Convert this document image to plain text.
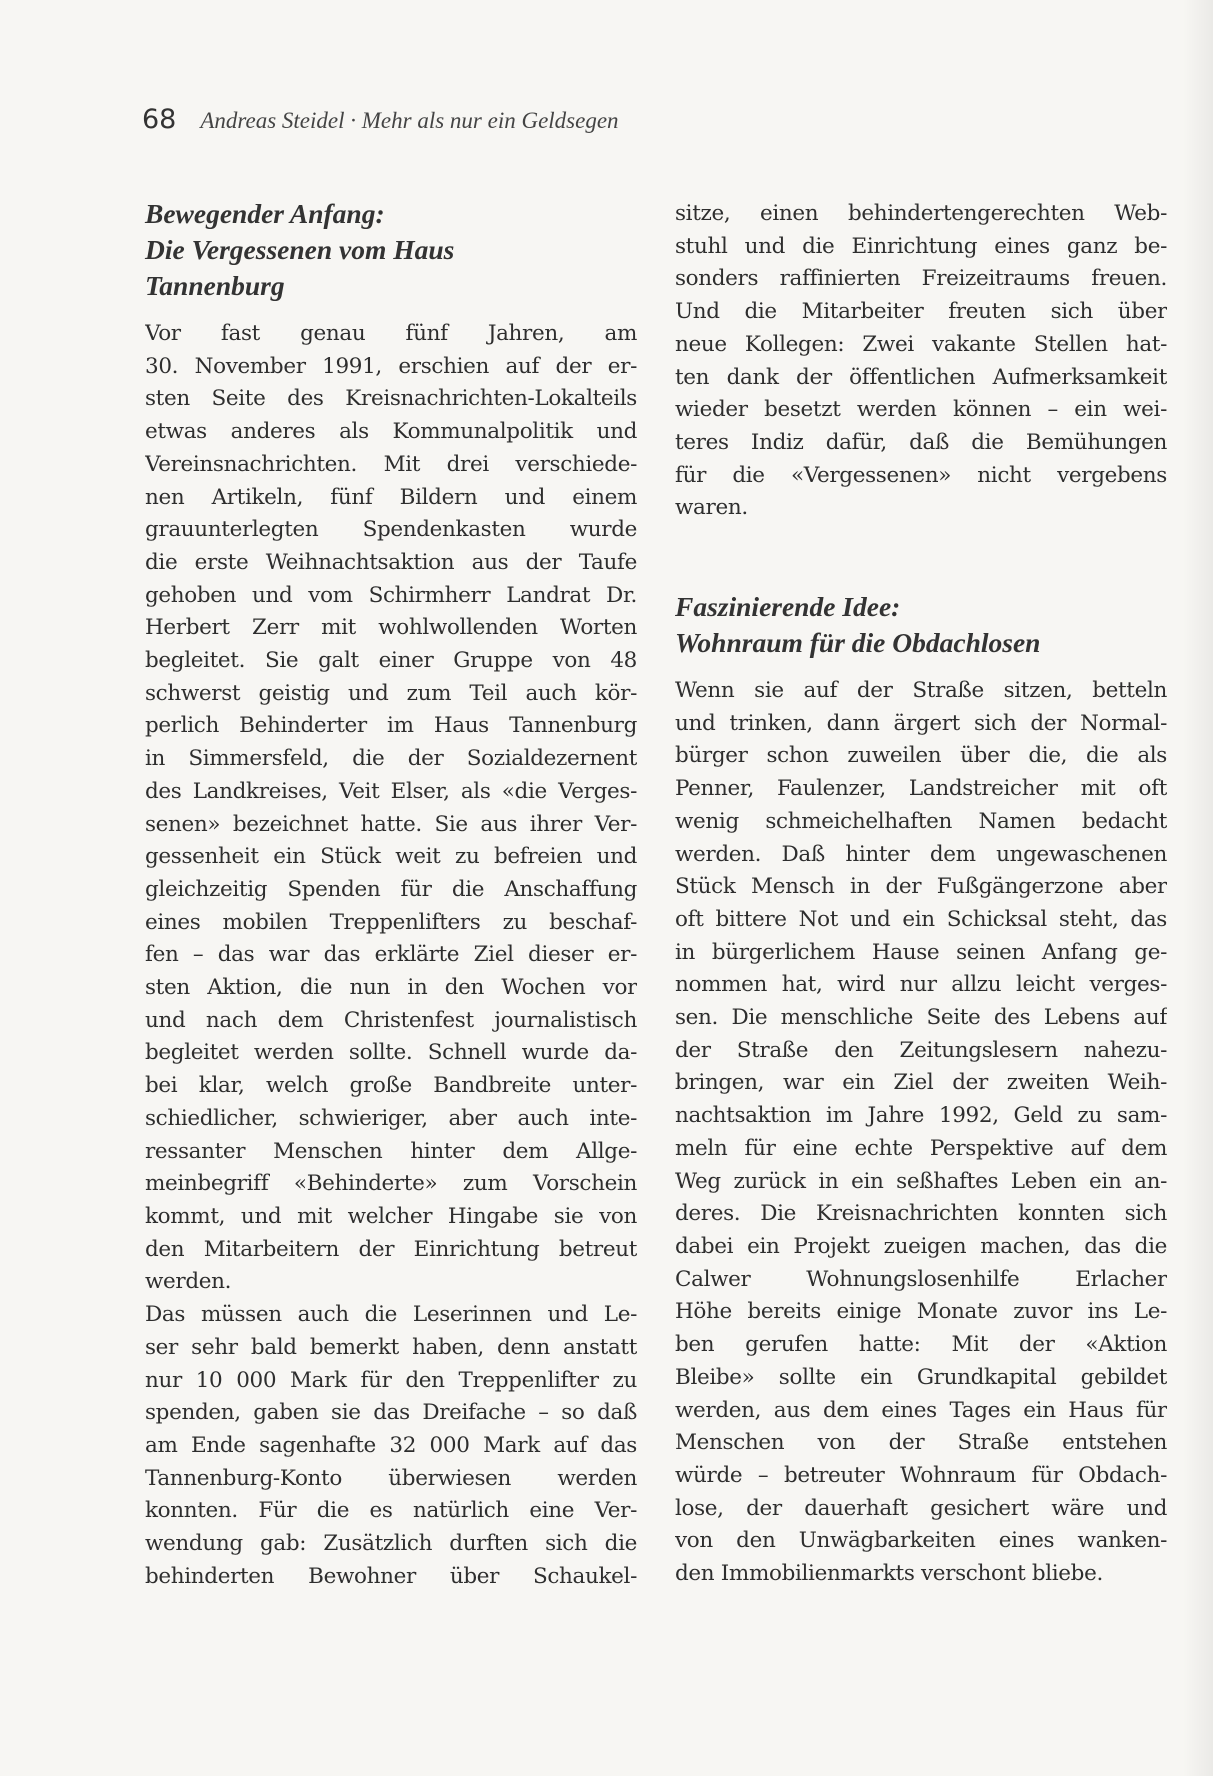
68 Andreas Steidel · Mehr als nur ein Geldsegen
Bewegender Anfang:
Die Vergessenen vom Haus
Tannenburg
Vor fast genau fünf Jahren, am
30. November 1991, erschien auf der er-
sten Seite des Kreisnachrichten-Lokalteils
etwas anderes als Kommunalpolitik und
Vereinsnachrichten. Mit drei verschiede-
nen Artikeln, fünf Bildern und einem
grauunterlegten Spendenkasten wurde
die erste Weihnachtsaktion aus der Taufe
gehoben und vom Schirmherr Landrat Dr.
Herbert Zerr mit wohlwollenden Worten
begleitet. Sie galt einer Gruppe von 48
schwerst geistig und zum Teil auch kör-
perlich Behinderter im Haus Tannenburg
in Simmersfeld, die der Sozialdezernent
des Landkreises, Veit Elser, als «die Verges-
senen» bezeichnet hatte. Sie aus ihrer Ver-
gessenheit ein Stück weit zu befreien und
gleichzeitig Spenden für die Anschaffung
eines mobilen Treppenlifters zu beschaf-
fen – das war das erklärte Ziel dieser er-
sten Aktion, die nun in den Wochen vor
und nach dem Christenfest journalistisch
begleitet werden sollte. Schnell wurde da-
bei klar, welch große Bandbreite unter-
schiedlicher, schwieriger, aber auch inte-
ressanter Menschen hinter dem Allge-
meinbegriff «Behinderte» zum Vorschein
kommt, und mit welcher Hingabe sie von
den Mitarbeitern der Einrichtung betreut
werden.
Das müssen auch die Leserinnen und Le-
ser sehr bald bemerkt haben, denn anstatt
nur 10 000 Mark für den Treppenlifter zu
spenden, gaben sie das Dreifache – so daß
am Ende sagenhafte 32 000 Mark auf das
Tannenburg-Konto überwiesen werden
konnten. Für die es natürlich eine Ver-
wendung gab: Zusätzlich durften sich die
behinderten Bewohner über Schaukel-
sitze, einen behindertengerechten Web-
stuhl und die Einrichtung eines ganz be-
sonders raffinierten Freizeitraums freuen.
Und die Mitarbeiter freuten sich über
neue Kollegen: Zwei vakante Stellen hat-
ten dank der öffentlichen Aufmerksamkeit
wieder besetzt werden können – ein wei-
teres Indiz dafür, daß die Bemühungen
für die «Vergessenen» nicht vergebens
waren.
Faszinierende Idee:
Wohnraum für die Obdachlosen
Wenn sie auf der Straße sitzen, betteln
und trinken, dann ärgert sich der Normal-
bürger schon zuweilen über die, die als
Penner, Faulenzer, Landstreicher mit oft
wenig schmeichelhaften Namen bedacht
werden. Daß hinter dem ungewaschenen
Stück Mensch in der Fußgängerzone aber
oft bittere Not und ein Schicksal steht, das
in bürgerlichem Hause seinen Anfang ge-
nommen hat, wird nur allzu leicht verges-
sen. Die menschliche Seite des Lebens auf
der Straße den Zeitungslesern nahezu-
bringen, war ein Ziel der zweiten Weih-
nachtsaktion im Jahre 1992, Geld zu sam-
meln für eine echte Perspektive auf dem
Weg zurück in ein seßhaftes Leben ein an-
deres. Die Kreisnachrichten konnten sich
dabei ein Projekt zueigen machen, das die
Calwer Wohnungslosenhilfe Erlacher
Höhe bereits einige Monate zuvor ins Le-
ben gerufen hatte: Mit der «Aktion
Bleibe» sollte ein Grundkapital gebildet
werden, aus dem eines Tages ein Haus für
Menschen von der Straße entstehen
würde – betreuter Wohnraum für Obdach-
lose, der dauerhaft gesichert wäre und
von den Unwägbarkeiten eines wanken-
den Immobilienmarkts verschont bliebe.
